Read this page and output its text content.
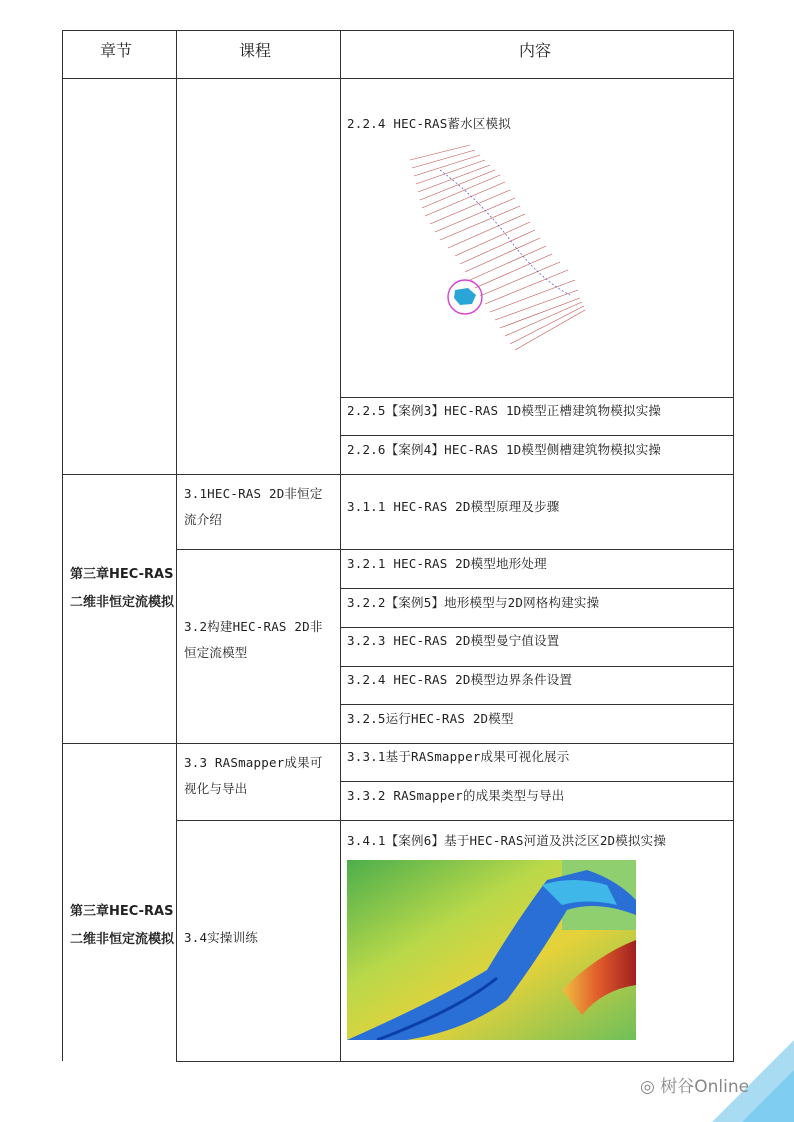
章节	课程	内容
2.2.4 HEC-RAS蓄水区模拟
2.2.5【案例3】HEC-RAS 1D模型正槽建筑物模拟实操
2.2.6【案例4】HEC-RAS 1D模型侧槽建筑物模拟实操
第三章HEC-RAS二维非恒定流模拟
3.1HEC-RAS 2D非恒定流介绍
3.1.1 HEC-RAS 2D模型原理及步骤
3.2构建HEC-RAS 2D非恒定流模型
3.2.1 HEC-RAS 2D模型地形处理
3.2.2【案例5】地形模型与2D网格构建实操
3.2.3 HEC-RAS 2D模型曼宁值设置
3.2.4 HEC-RAS 2D模型边界条件设置
3.2.5运行HEC-RAS 2D模型
第三章HEC-RAS二维非恒定流模拟
3.3 RASmapper成果可视化与导出
3.3.1基于RASmapper成果可视化展示
3.3.2 RASmapper的成果类型与导出
3.4实操训练
3.4.1【案例6】基于HEC-RAS河道及洪泛区2D模拟实操
◎ 树谷Online
